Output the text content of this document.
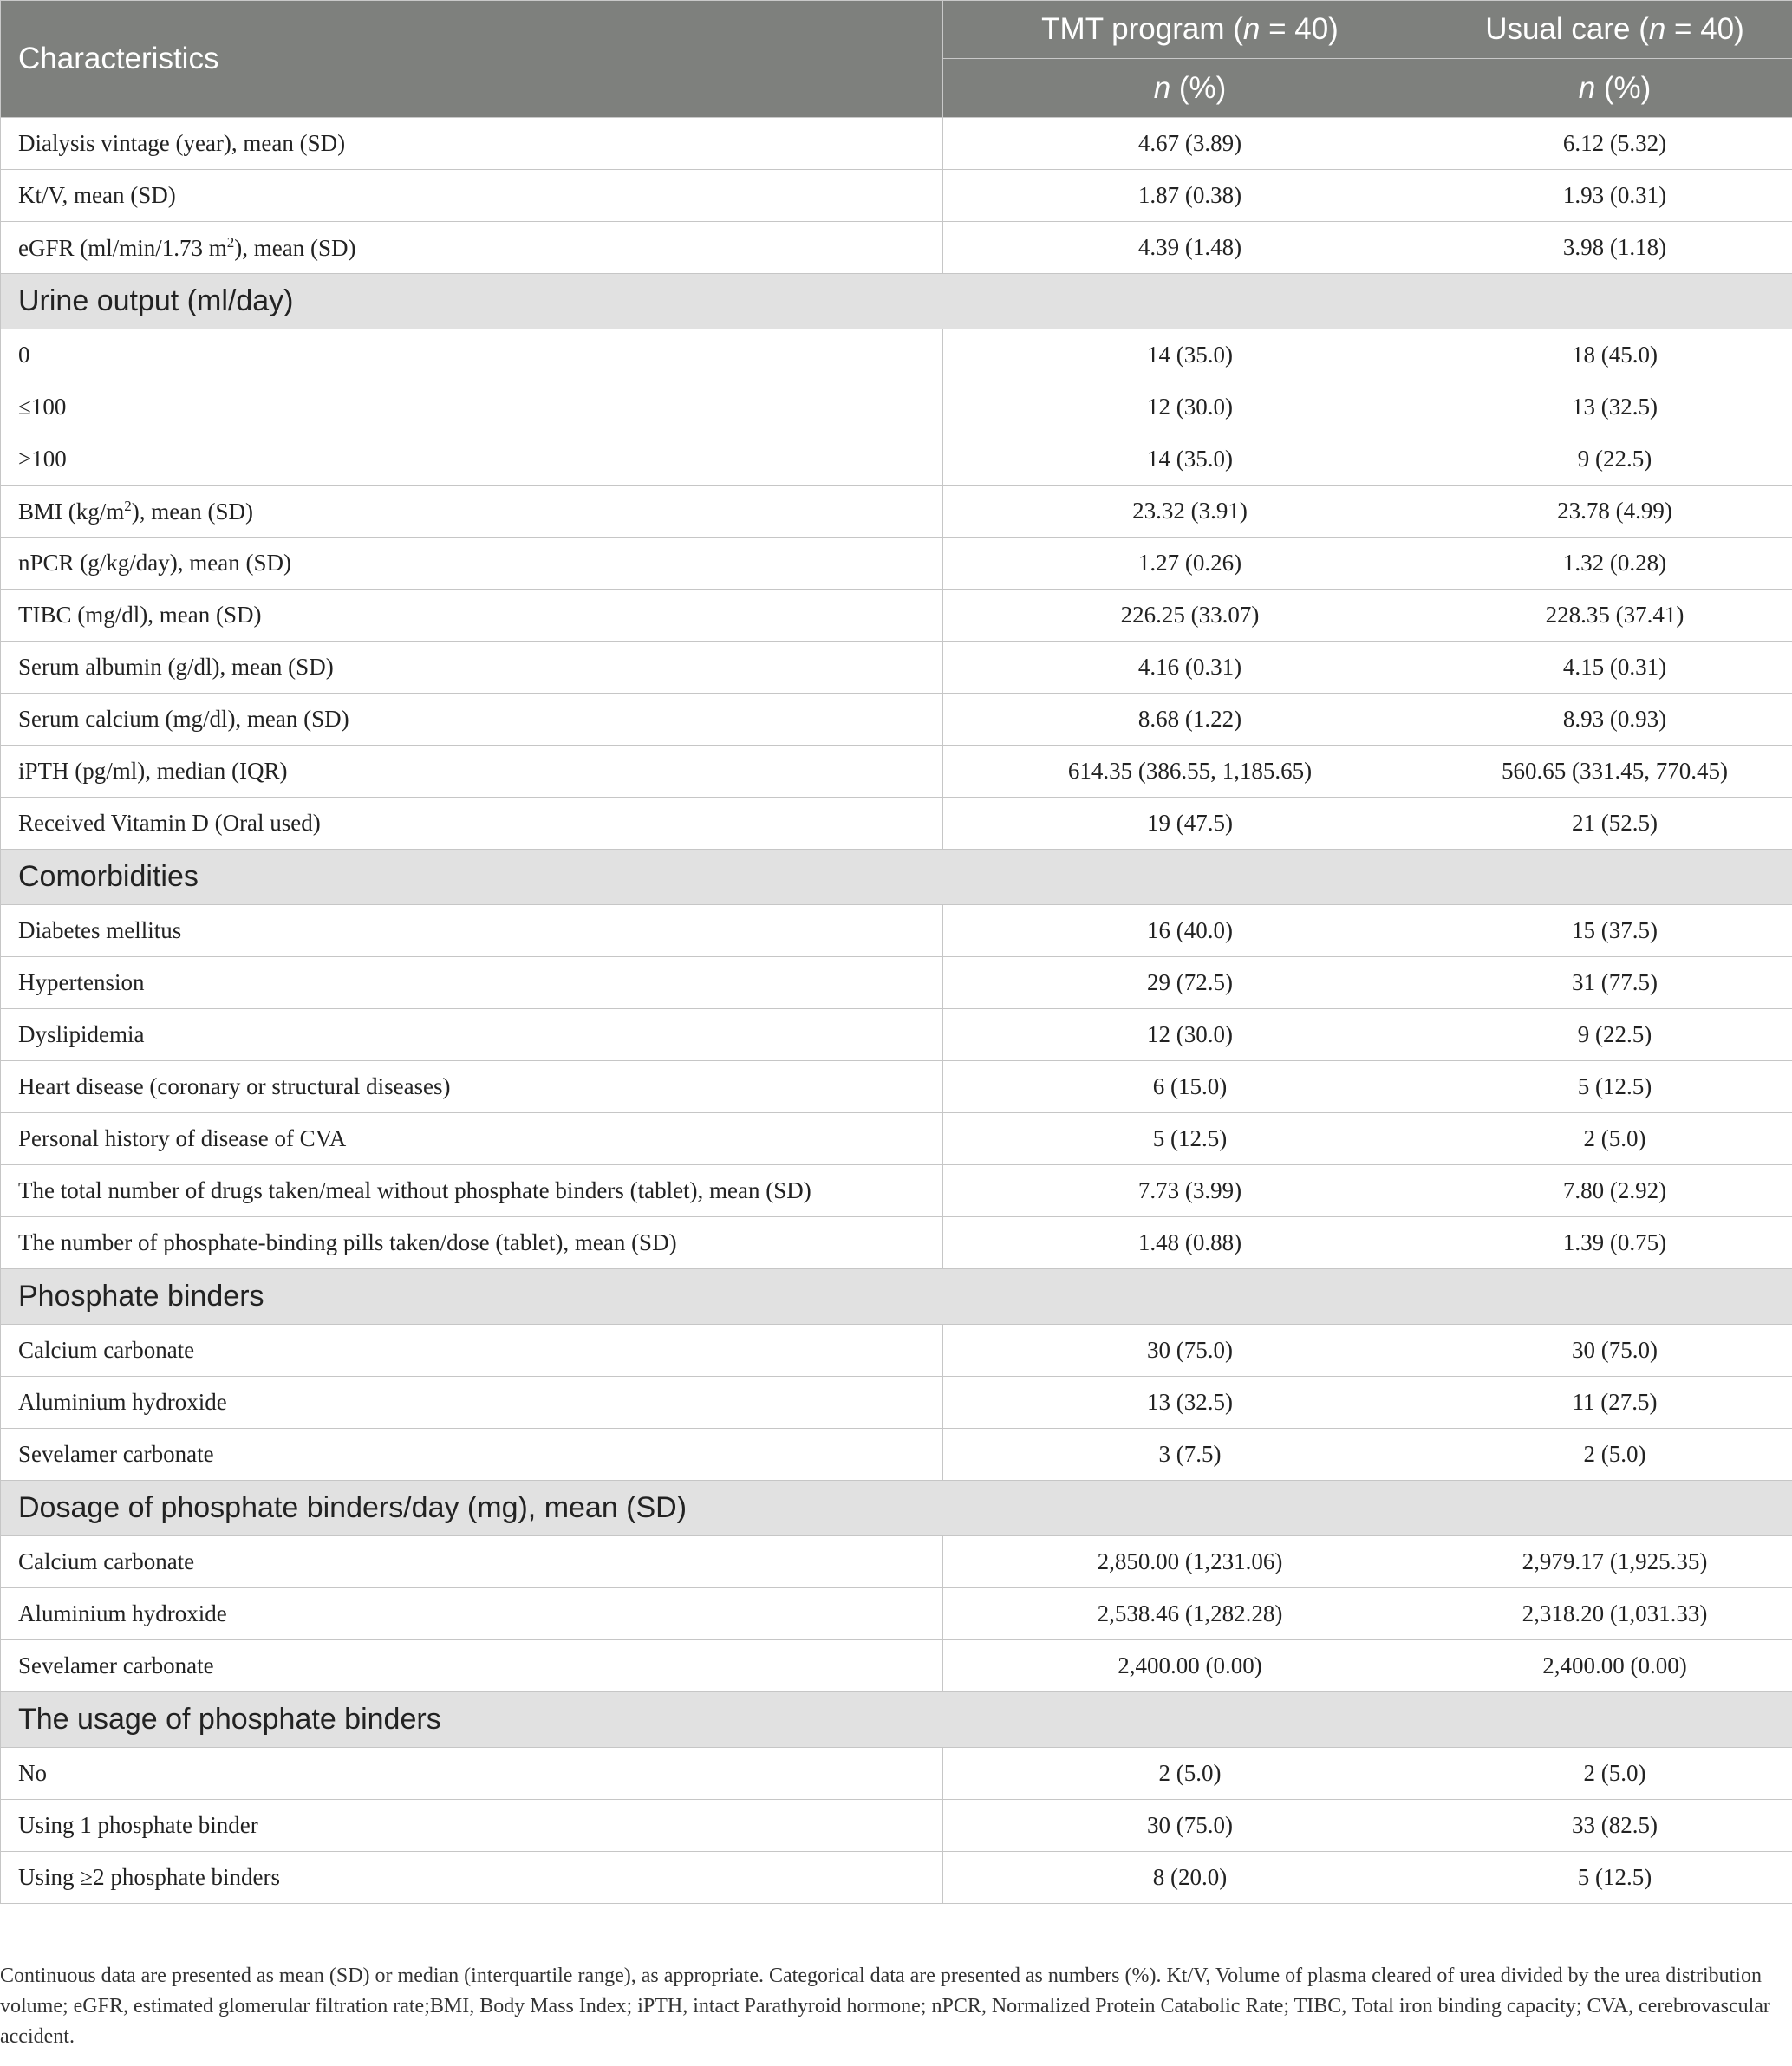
Characteristics	TMT program (n = 40)	Usual care (n = 40)
	n (%)	n (%)
Dialysis vintage (year), mean (SD)	4.67 (3.89)	6.12 (5.32)
Kt/V, mean (SD)	1.87 (0.38)	1.93 (0.31)
eGFR (ml/min/1.73 $m^2$), mean (SD)	4.39 (1.48)	3.98 (1.18)
Urine output (ml/day)		
0	14 (35.0)	18 (45.0)
≤100	12 (30.0)	13 (32.5)
>100	14 (35.0)	9 (22.5)
BMI $(kg/m^2)$, mean (SD)	23.32 (3.91)	23.78 (4.99)
nPCR (g/kg/day), mean (SD)	1.27 (0.26)	1.32 (0.28)
TIBC (mg/dl), mean (SD)	226.25 (33.07)	228.35 (37.41)
Serum albumin (g/dl), mean (SD)	4.16 (0.31)	4.15 (0.31)
Serum calcium (mg/dl), mean (SD)	8.68 (1.22)	8.93 (0.93)
iPTH (pg/ml), median (IQR)	614.35 (386.55, 1,185.65)	560.65 (331.45, 770.45)
Received Vitamin D (Oral used)	19 (47.5)	21 (52.5)
Comorbidities		
Diabetes mellitus	16 (40.0)	15 (37.5)
Hypertension	29 (72.5)	31 (77.5)
Dyslipidemia	12 (30.0)	9 (22.5)
Heart disease (coronary or structural diseases)	6 (15.0)	5 (12.5)
Personal history of disease of CVA	5 (12.5)	2 (5.0)
The total number of drugs taken/meal without phosphate binders (tablet), mean (SD)	7.73 (3.99)	7.80 (2.92)
The number of phosphate-binding pills taken/dose (tablet), mean (SD)	1.48 (0.88)	1.39 (0.75)
Phosphate binders		
Calcium carbonate	30 (75.0)	30 (75.0)
Aluminium hydroxide	13 (32.5)	11 (27.5)
Sevelamer carbonate	3 (7.5)	2 (5.0)
Dosage of phosphate binders/day (mg), mean (SD)		
Calcium carbonate	2,850.00 (1,231.06)	2,979.17 (1,925.35)
Aluminium hydroxide	2,538.46 (1,282.28)	2,318.20 (1,031.33)
Sevelamer carbonate	2,400.00 (0.00)	2,400.00 (0.00)
The usage of phosphate binders		
No	2 (5.0)	2 (5.0)
Using 1 phosphate binder	30 (75.0)	33 (82.5)
Using ≥2 phosphate binders	8 (20.0)	5 (12.5)
Continuous data are presented as mean (SD) or median (interquartile range), as appropriate. Categorical data are presented as numbers (%). Kt/V, Volume of plasma cleared of urea divided by the urea distribution volume; eGFR, estimated glomerular filtration rate;BMI, Body Mass Index; iPTH, intact Parathyroid hormone; nPCR, Normalized Protein Catabolic Rate; TIBC, Total iron binding capacity; CVA, cerebrovascular accident.
